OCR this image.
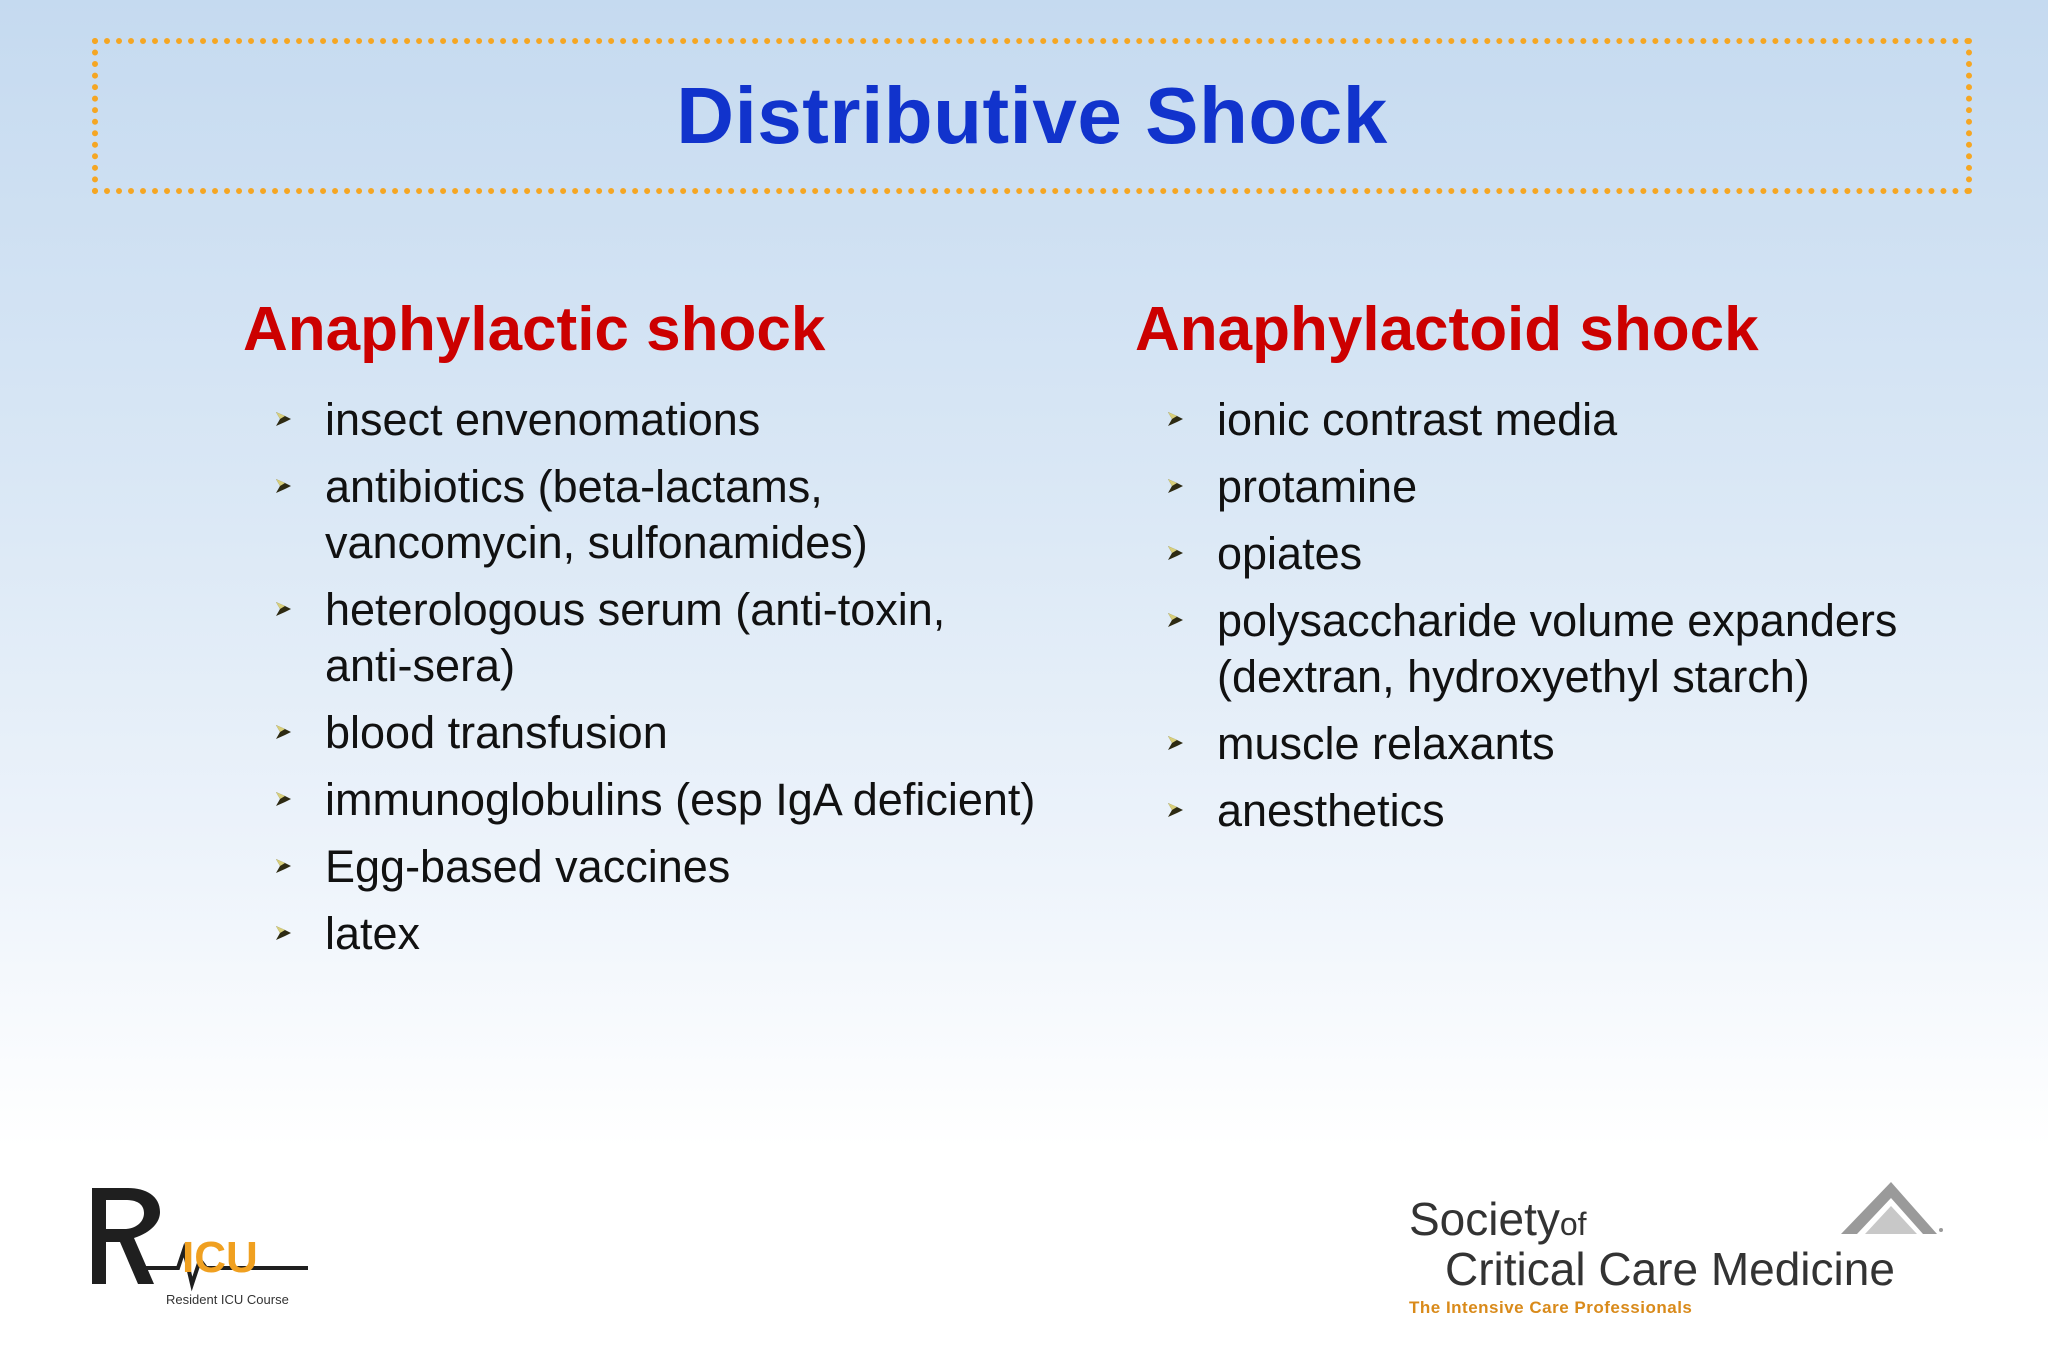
Distributive Shock
Anaphylactic shock
insect envenomations
antibiotics (beta-lactams, vancomycin, sulfonamides)
heterologous serum (anti-toxin, anti-sera)
blood transfusion
immunoglobulins (esp IgA deficient)
Egg-based vaccines
latex
Anaphylactoid shock
ionic contrast media
protamine
opiates
polysaccharide volume expanders (dextran, hydroxyethyl starch)
muscle relaxants
anesthetics
ICU
Resident ICU Course
Societyof
Critical Care Medicine
The Intensive Care Professionals
